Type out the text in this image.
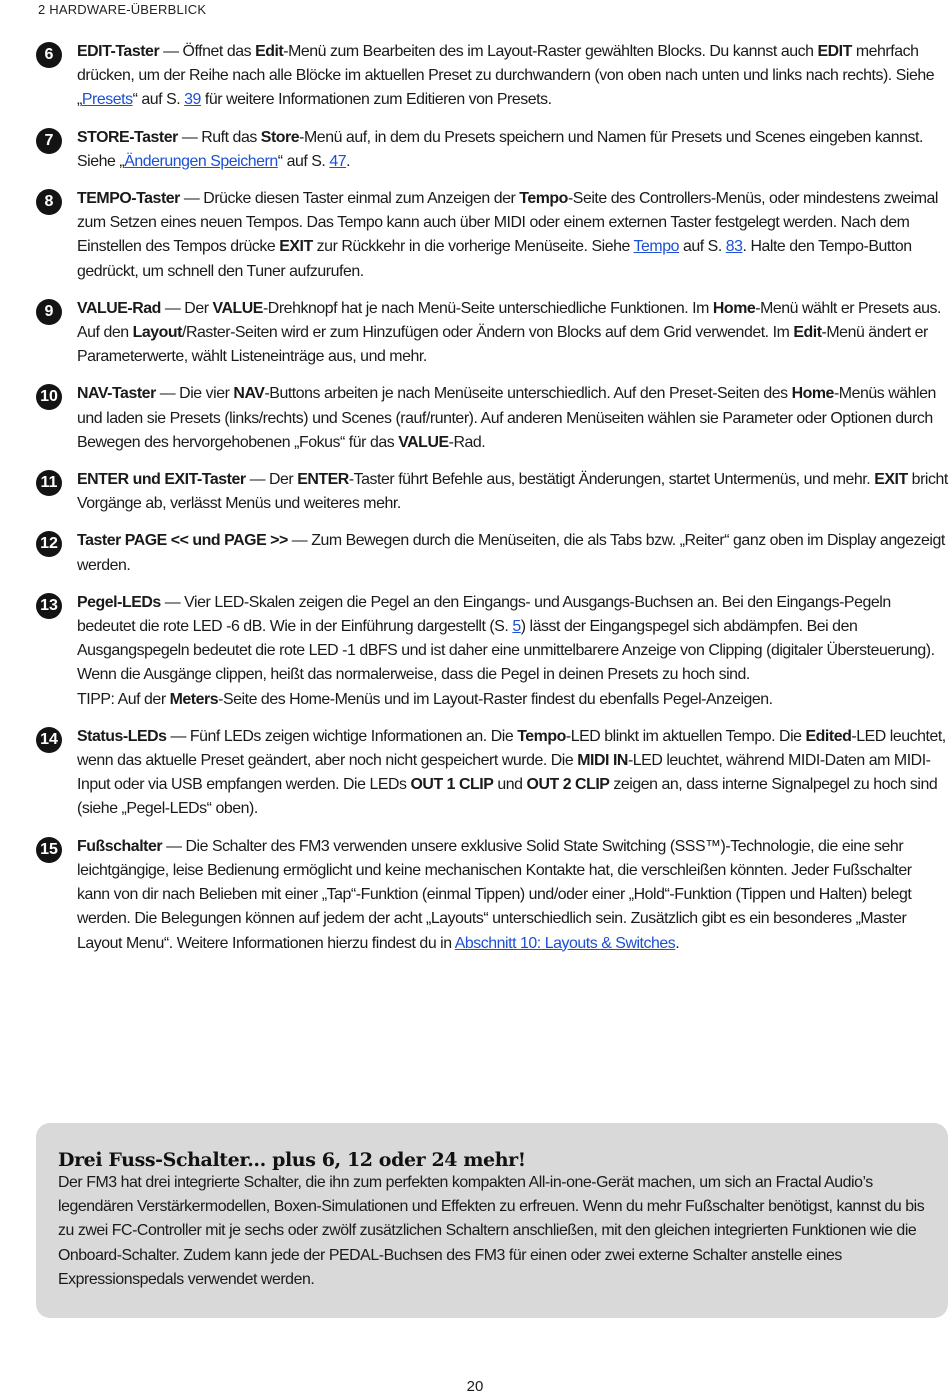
2 HARDWARE-ÜBERBLICK
6	EDIT-Taster — Öffnet das Edit-Menü zum Bearbeiten des im Layout-Raster gewählten Blocks. Du kannst auch EDIT mehrfach drücken, um der Reihe nach alle Blöcke im aktuellen Preset zu durchwandern (von oben nach unten und links nach rechts). Siehe „Presets“ auf S. 39 für weitere Informationen zum Editieren von Presets.
7	STORE-Taster — Ruft das Store-Menü auf, in dem du Presets speichern und Namen für Presets und Scenes eingeben kannst. Siehe „Änderungen Speichern“ auf S. 47.
8	TEMPO-Taster — Drücke diesen Taster einmal zum Anzeigen der Tempo-Seite des Controllers-Menüs, oder mindestens zweimal zum Setzen eines neuen Tempos. Das Tempo kann auch über MIDI oder einem externen Taster festgelegt werden. Nach dem Einstellen des Tempos drücke EXIT zur Rückkehr in die vorherige Menüseite. Siehe Tempo auf S. 83. Halte den Tempo-Button gedrückt, um schnell den Tuner aufzurufen.
9	VALUE-Rad — Der VALUE-Drehknopf hat je nach Menü-Seite unterschiedliche Funktionen. Im Home-Menü wählt er Presets aus. Auf den Layout/Raster-Seiten wird er zum Hinzufügen oder Ändern von Blocks auf dem Grid verwendet. Im Edit-Menü ändert er Parameterwerte, wählt Listeneinträge aus, und mehr.
10 NAV-Taster — Die vier NAV-Buttons arbeiten je nach Menüseite unterschiedlich. Auf den Preset-Seiten des Home-Menüs wählen und laden sie Presets (links/rechts) und Scenes (rauf/runter). Auf anderen Menüseiten wählen sie Parameter oder Optionen durch Bewegen des hervorgehobenen „Fokus“ für das VALUE-Rad.
11 ENTER und EXIT-Taster — Der ENTER-Taster führt Befehle aus, bestätigt Änderungen, startet Untermenüs, und mehr. EXIT bricht Vorgänge ab, verlässt Menüs und weiteres mehr.
12 Taster PAGE << und PAGE >> — Zum Bewegen durch die Menüseiten, die als Tabs bzw. „Reiter“ ganz oben im Display angezeigt werden.
13 Pegel-LEDs — Vier LED-Skalen zeigen die Pegel an den Eingangs- und Ausgangs-Buchsen an. Bei den Eingangs-Pegeln bedeutet die rote LED -6 dB. Wie in der Einführung dargestellt (S. 5) lässt der Eingangspegel sich abdämpfen. Bei den Ausgangspegeln bedeutet die rote LED -1 dBFS und ist daher eine unmittelbarere Anzeige von Clipping (digitaler Übersteuerung). Wenn die Ausgänge clippen, heißt das normalerweise, dass die Pegel in deinen Presets zu hoch sind.
TIPP: Auf der Meters-Seite des Home-Menüs und im Layout-Raster findest du ebenfalls Pegel-Anzeigen.
14 Status-LEDs — Fünf LEDs zeigen wichtige Informationen an. Die Tempo-LED blinkt im aktuellen Tempo. Die Edited-LED leuchtet, wenn das aktuelle Preset geändert, aber noch nicht gespeichert wurde. Die MIDI IN-LED leuchtet, während MIDI-Daten am MIDI-Input oder via USB empfangen werden. Die LEDs OUT 1 CLIP und OUT 2 CLIP zeigen an, dass interne Signalpegel zu hoch sind (siehe „Pegel-LEDs“ oben).
15 Fußschalter — Die Schalter des FM3 verwenden unsere exklusive Solid State Switching (SSS™)-Technologie, die eine sehr leichtgängige, leise Bedienung ermöglicht und keine mechanischen Kontakte hat, die verschleißen könnten. Jeder Fußschalter kann von dir nach Belieben mit einer „Tap“-Funktion (einmal Tippen) und/oder einer „Hold“-Funktion (Tippen und Halten) belegt werden. Die Belegungen können auf jedem der acht „Layouts“ unterschiedlich sein. Zusätzlich gibt es ein besonderes „Master Layout Menu“. Weitere Informationen hierzu findest du in Abschnitt 10: Layouts & Switches.
Drei Fuss-Schalter... plus 6, 12 oder 24 mehr!
Der FM3 hat drei integrierte Schalter, die ihn zum perfekten kompakten All-in-one-Gerät machen, um sich an Fractal Audio’s legendären Verstärkermodellen, Boxen-Simulationen und Effekten zu erfreuen. Wenn du mehr Fußschalter benötigst, kannst du bis zu zwei FC-Controller mit je sechs oder zwölf zusätzlichen Schaltern anschließen, mit den gleichen integrierten Funktionen wie die Onboard-Schalter. Zudem kann jede der PEDAL-Buchsen des FM3 für einen oder zwei externe Schalter anstelle eines Expressionspedals verwendet werden.
20
